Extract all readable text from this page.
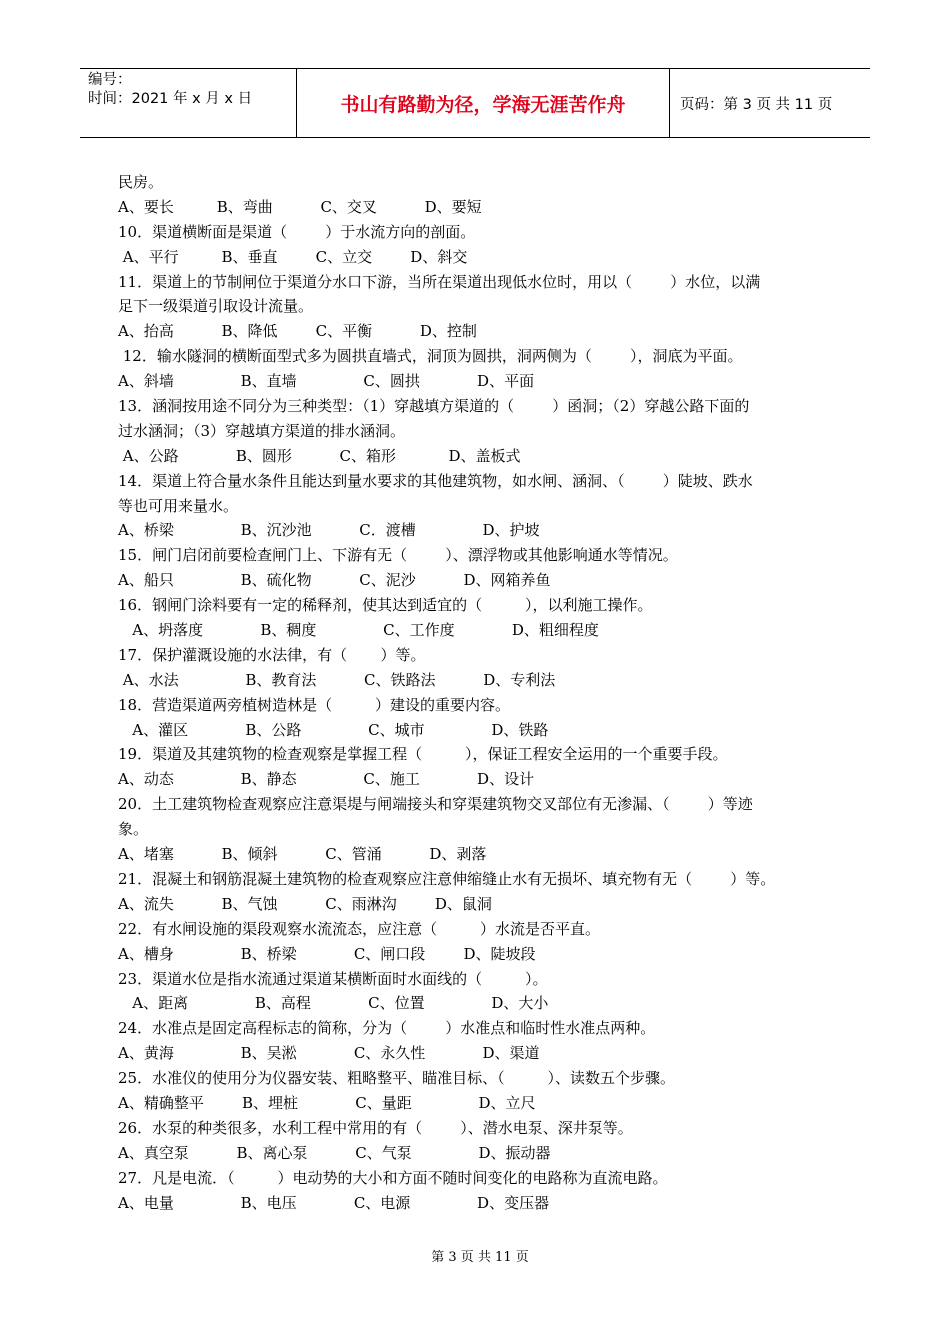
编号：
时间：2021 年 x 月 x 日	书山有路勤为径，学海无涯苦作舟	页码：第 3 页 共 11 页
民房。
A、要长         B、弯曲          C、交叉          D、要短
10．渠道横断面是渠道（        ）于水流方向的剖面。
A、平行         B、垂直        C、立交        D、斜交
11．渠道上的节制闸位于渠道分水口下游，当所在渠道出现低水位时，用以（        ）水位，以满
足下一级渠道引取设计流量。
A、抬高          B、降低        C、平衡          D、控制
12．输水隧洞的横断面型式多为圆拱直墙式，洞顶为圆拱，洞两侧为（        ），洞底为平面。
A、斜墙              B、直墙              C、圆拱            D、平面
13．涵洞按用途不同分为三种类型：（1）穿越填方渠道的（        ）函洞；（2）穿越公路下面的
过水涵洞；（3）穿越填方渠道的排水涵洞。
A、公路            B、圆形          C、箱形           D、盖板式
14．渠道上符合量水条件且能达到量水要求的其他建筑物，如水闸、涵洞、（        ）陡坡、跌水
等也可用来量水。
A、桥梁              B、沉沙池          C．渡槽              D、护坡
15．闸门启闭前要检查闸门上、下游有无（        ）、漂浮物或其他影响通水等情况。
A、船只              B、硫化物          C、泥沙          D、网箱养鱼
16．钢闸门涂料要有一定的稀释剂，使其达到适宜的（         ），以利施工操作。
A、坍落度            B、稠度              C、工作度            D、粗细程度
17．保护灌溉设施的水法律，有（       ）等。
A、水法              B、教育法          C、铁路法          D、专利法
18．营造渠道两旁植树造林是（         ）建设的重要内容。
A、灌区            B、公路              C、城市              D、铁路
19．渠道及其建筑物的检查观察是掌握工程（         ），保证工程安全运用的一个重要手段。
A、动态              B、静态              C、施工            D、设计
20．土工建筑物检查观察应注意渠堤与闸端接头和穿渠建筑物交叉部位有无渗漏、（        ）等迹
象。
A、堵塞          B、倾斜          C、管涌          D、剥落
21．混凝土和钢筋混凝土建筑物的检查观察应注意伸缩缝止水有无损坏、填充物有无（        ）等。
A、流失          B、气蚀          C、雨淋沟        D、鼠洞
22．有水闸设施的渠段观察水流流态，应注意（         ）水流是否平直。
A、槽身              B、桥梁            C、闸口段        D、陡坡段
23．渠道水位是指水流通过渠道某横断面时水面线的（         ）。
A、距离              B、高程            C、位置              D、大小
24．水准点是固定高程标志的简称，分为（        ）水准点和临时性水准点两种。
A、黄海              B、吴淞            C、永久性            D、渠道
25．水准仪的使用分为仪器安装、粗略整平、瞄准目标、（         ）、读数五个步骤。
A、精确整平        B、埋桩            C、量距              D、立尺
26．水泵的种类很多，水利工程中常用的有（        ）、潜水电泵、深井泵等。
A、真空泵          B、离心泵          C、气泵              D、振动器
27．凡是电流．（         ）电动势的大小和方面不随时间变化的电路称为直流电路。
A、电量              B、电压            C、电源              D、变压器
第 3 页 共 11 页
